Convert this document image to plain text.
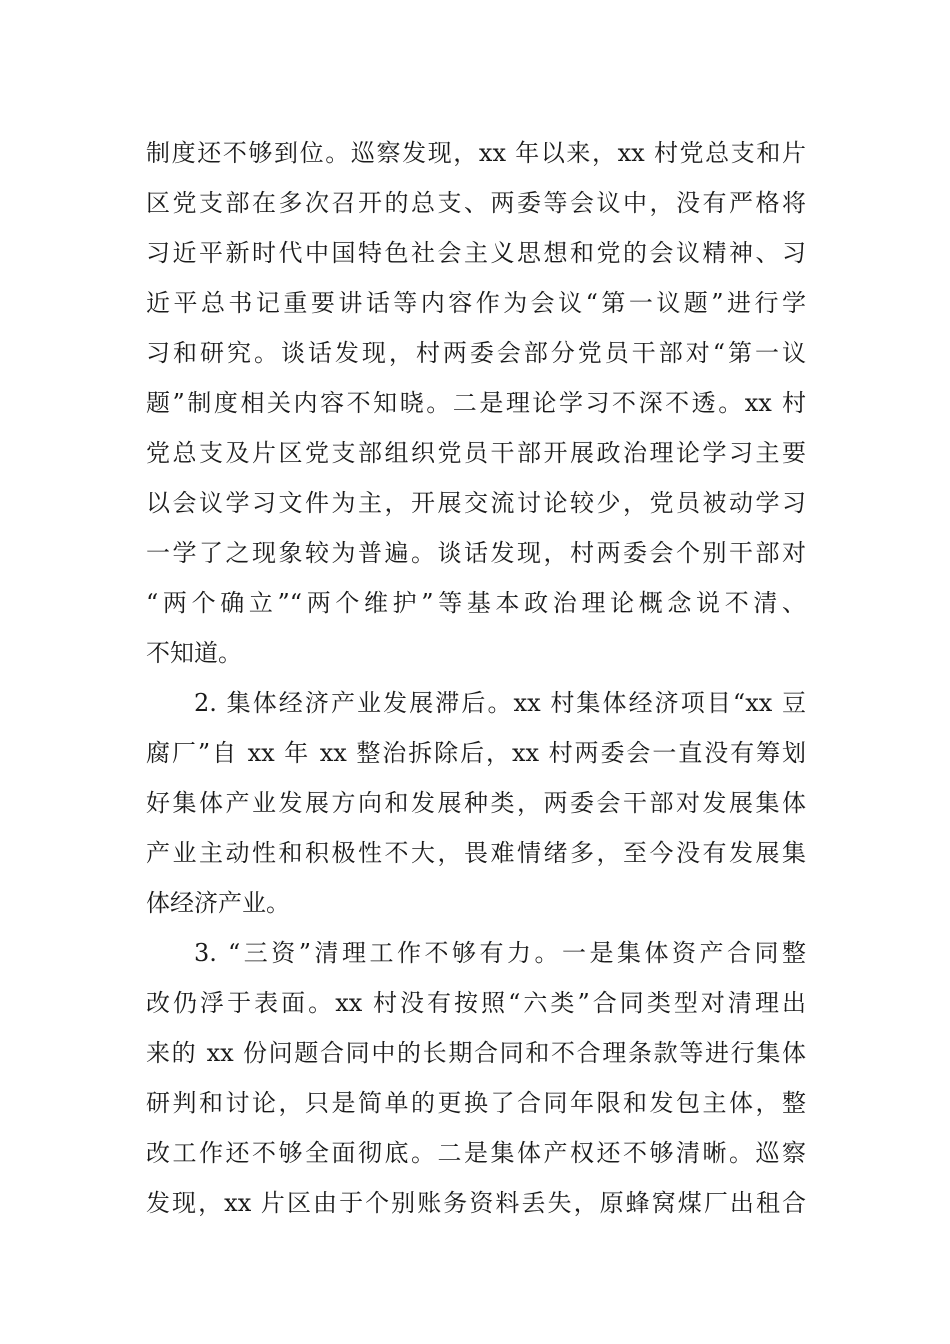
制度还不够到位。巡察发现，xx 年以来，xx 村党总支和片
区党支部在多次召开的总支、两委等会议中，没有严格将
习近平新时代中国特色社会主义思想和党的会议精神、习
近平总书记重要讲话等内容作为会议“第一议题”进行学
习和研究。谈话发现，村两委会部分党员干部对“第一议
题”制度相关内容不知晓。二是理论学习不深不透。xx 村
党总支及片区党支部组织党员干部开展政治理论学习主要
以会议学习文件为主，开展交流讨论较少，党员被动学习
一学了之现象较为普遍。谈话发现，村两委会个别干部对
“两个确立”“两个维护”等基本政治理论概念说不清、
不知道。
2. 集体经济产业发展滞后。xx 村集体经济项目“xx 豆
腐厂”自 xx 年 xx 整治拆除后，xx 村两委会一直没有筹划
好集体产业发展方向和发展种类，两委会干部对发展集体
产业主动性和积极性不大，畏难情绪多，至今没有发展集
体经济产业。
3. “三资”清理工作不够有力。一是集体资产合同整
改仍浮于表面。xx 村没有按照“六类”合同类型对清理出
来的 xx 份问题合同中的长期合同和不合理条款等进行集体
研判和讨论，只是简单的更换了合同年限和发包主体，整
改工作还不够全面彻底。二是集体产权还不够清晰。巡察
发现，xx 片区由于个别账务资料丢失，原蜂窝煤厂出租合
